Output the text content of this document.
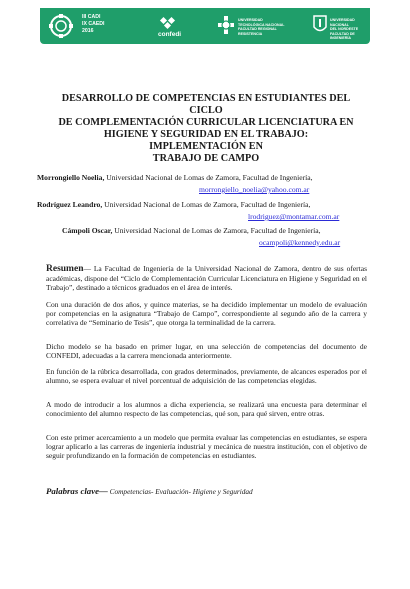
III CADI
IX CAEDI
2016	confedi
UNIVERSIDAD
TECNOLÓGICA NACIONAL
FACULTAD REGIONAL
RESISTENCIA
UNIVERSIDAD NACIONAL
DEL NORDESTE
FACULTAD DE
INGENIERÍA
DESARROLLO DE COMPETENCIAS EN ESTUDIANTES DEL CICLO
DE COMPLEMENTACIÓN CURRICULAR LICENCIATURA EN
HIGIENE Y SEGURIDAD EN EL TRABAJO: IMPLEMENTACIÓN EN
TRABAJO DE CAMPO
Morrongiello Noelia, Universidad Nacional de Lomas de Zamora, Facultad de Ingeniería,
morrongiello_noelia@yahoo.com.ar
Rodríguez Leandro, Universidad Nacional de Lomas de Zamora, Facultad de Ingeniería,
lrodriguez@montamar.com.ar
Cámpoli Oscar, Universidad Nacional de Lomas de Zamora, Facultad de Ingeniería,
ocampoli@kennedy.edu.ar
Resumen— La Facultad de Ingeniería de la Universidad Nacional de Zamora, dentro de sus ofertas académicas, dispone del “Ciclo de Complementación Curricular Licenciatura en Higiene y Seguridad en el Trabajo”, destinado a técnicos graduados en el área de interés.
Con una duración de dos años, y quince materias, se ha decidido implementar un modelo de evaluación por competencias en la asignatura “Trabajo de Campo”, correspondiente al segundo año de la carrera y correlativa de “Seminario de Tesis”, que otorga la terminalidad de la carrera.
Dicho modelo se ha basado en primer lugar, en una selección de competencias del documento de CONFEDI, adecuadas a la carrera mencionada anteriormente.
En función de la rúbrica desarrollada, con grados determinados, previamente, de alcances esperados por el alumno, se espera evaluar el nivel porcentual de adquisición de las competencias elegidas.
A modo de introducir a los alumnos a dicha experiencia, se realizará una encuesta para determinar el conocimiento del alumno respecto de las competencias, qué son, para qué sirven, entre otras.
Con este primer acercamiento a un modelo que permita evaluar las competencias en estudiantes, se espera lograr aplicarlo a las carreras de ingeniería industrial y mecánica de nuestra institución, con el objetivo de seguir profundizando en la formación de competencias en estudiantes.
Palabras clave— Competencias- Evaluación- Higiene y Seguridad
